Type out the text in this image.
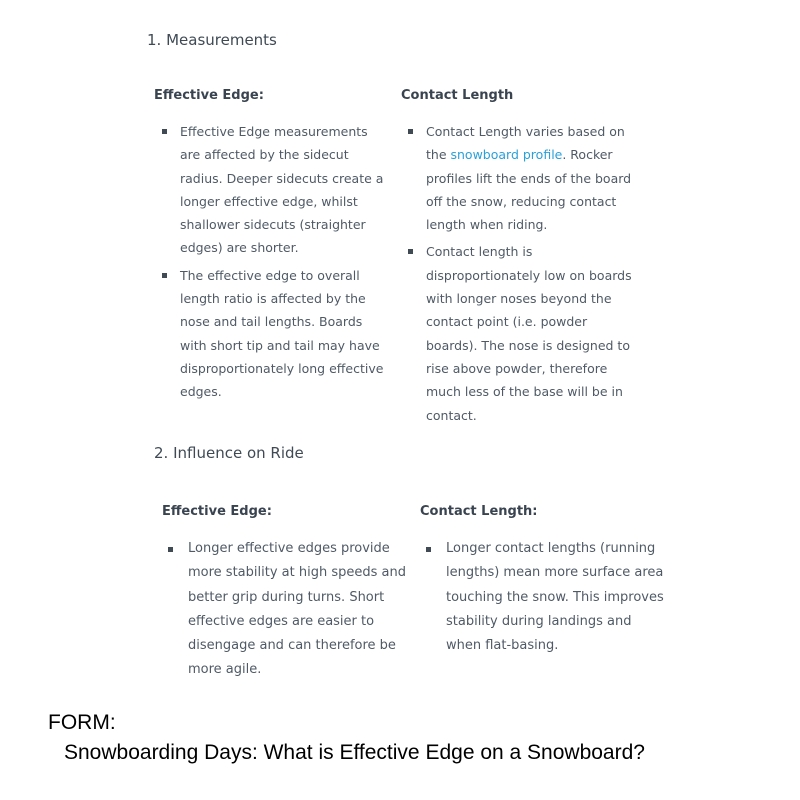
1. Measurements
Effective Edge:
Effective Edge measurements are affected by the sidecut radius. Deeper sidecuts create a longer effective edge, whilst shallower sidecuts (straighter edges) are shorter.
The effective edge to overall length ratio is affected by the nose and tail lengths. Boards with short tip and tail may have disproportionately long effective edges.
Contact Length
Contact Length varies based on the snowboard profile. Rocker profiles lift the ends of the board off the snow, reducing contact length when riding.
Contact length is disproportionately low on boards with longer noses beyond the contact point (i.e. powder boards). The nose is designed to rise above powder, therefore much less of the base will be in contact.
2. Influence on Ride
Effective Edge:
Longer effective edges provide more stability at high speeds and better grip during turns. Short effective edges are easier to disengage and can therefore be more agile.
Contact Length:
Longer contact lengths (running lengths) mean more surface area touching the snow. This improves stability during landings and when flat-basing.
FORM:
Snowboarding Days: What is Effective Edge on a Snowboard?
